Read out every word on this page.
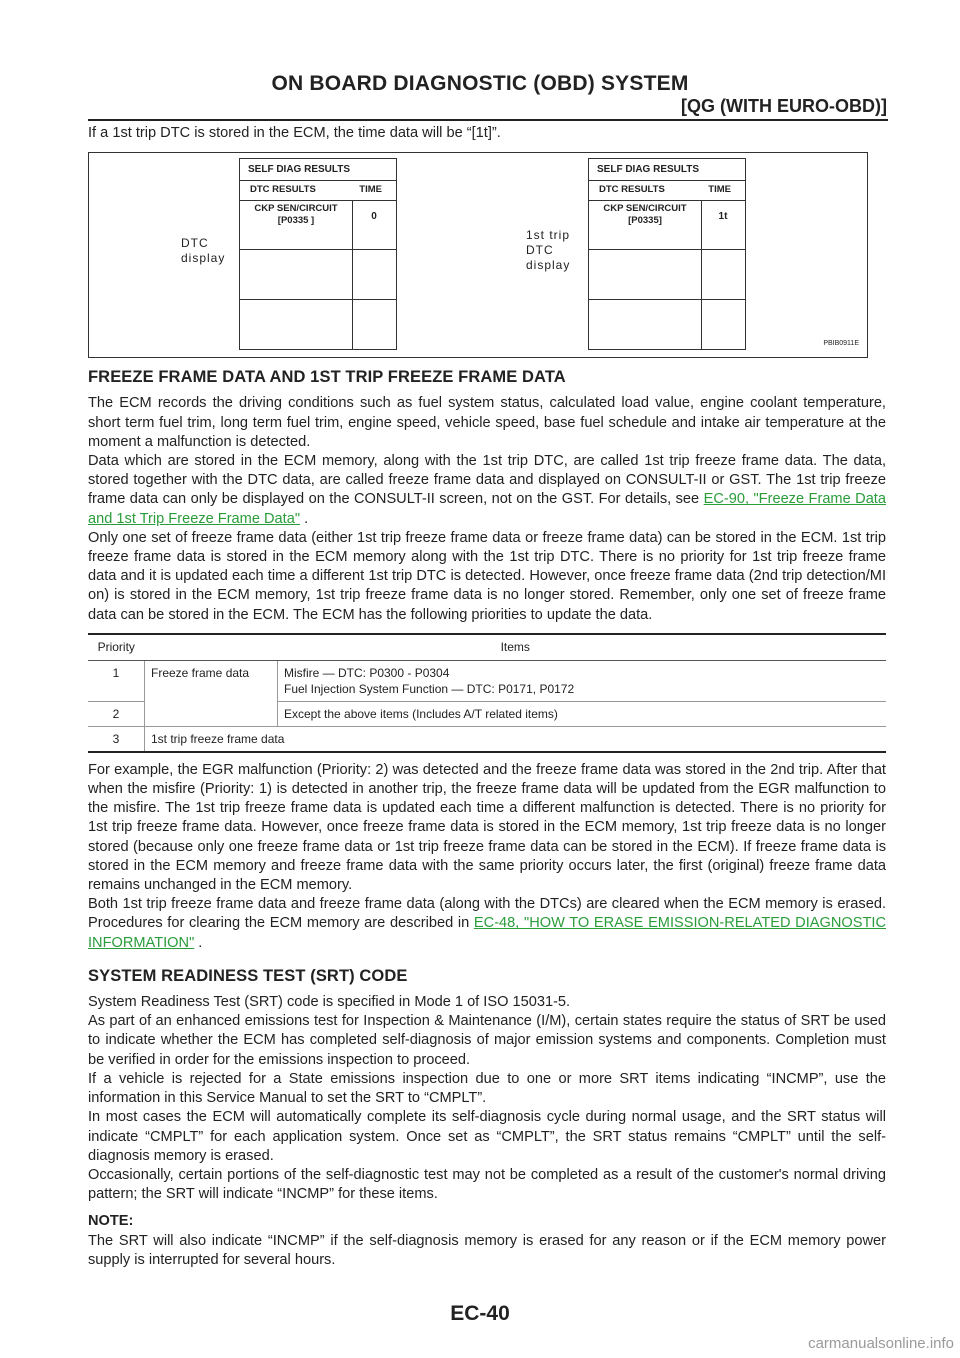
ON BOARD DIAGNOSTIC (OBD) SYSTEM
[QG (WITH EURO-OBD)]

If a 1st trip DTC is stored in the ECM, the time data will be “[1t]”.

DTC
display
SELF DIAG RESULTS
DTC RESULTS	TIME
CKP SEN/CIRCUIT
[P0335 ]	0
1st trip
DTC
display
SELF DIAG RESULTS
DTC RESULTS	TIME
CKP SEN/CIRCUIT
[P0335]	1t
PBIB0911E
FREEZE FRAME DATA AND 1ST TRIP FREEZE FRAME DATA

The ECM records the driving conditions such as fuel system status, calculated load value, engine coolant temperature, short term fuel trim, long term fuel trim, engine speed, vehicle speed, base fuel schedule and intake air temperature at the moment a malfunction is detected.

Data which are stored in the ECM memory, along with the 1st trip DTC, are called 1st trip freeze frame data. The data, stored together with the DTC data, are called freeze frame data and displayed on CONSULT-II or GST. The 1st trip freeze frame data can only be displayed on the CONSULT-II screen, not on the GST. For details, see EC-90, "Freeze Frame Data and 1st Trip Freeze Frame Data" .

Only one set of freeze frame data (either 1st trip freeze frame data or freeze frame data) can be stored in the ECM. 1st trip freeze frame data is stored in the ECM memory along with the 1st trip DTC. There is no priority for 1st trip freeze frame data and it is updated each time a different 1st trip DTC is detected. However, once freeze frame data (2nd trip detection/MI on) is stored in the ECM memory, 1st trip freeze frame data is no longer stored. Remember, only one set of freeze frame data can be stored in the ECM. The ECM has the following priorities to update the data.

Priority	Items	
1	Freeze frame data	Misfire — DTC: P0300 - P0304
Fuel Injection System Function — DTC: P0171, P0172

2		Except the above items (Includes A/T related items)
3	1st trip freeze frame data	

For example, the EGR malfunction (Priority: 2) was detected and the freeze frame data was stored in the 2nd trip. After that when the misfire (Priority: 1) is detected in another trip, the freeze frame data will be updated from the EGR malfunction to the misfire. The 1st trip freeze frame data is updated each time a different malfunction is detected. There is no priority for 1st trip freeze frame data. However, once freeze frame data is stored in the ECM memory, 1st trip freeze data is no longer stored (because only one freeze frame data or 1st trip freeze frame data can be stored in the ECM). If freeze frame data is stored in the ECM memory and freeze frame data with the same priority occurs later, the first (original) freeze frame data remains unchanged in the ECM memory.

Both 1st trip freeze frame data and freeze frame data (along with the DTCs) are cleared when the ECM memory is erased. Procedures for clearing the ECM memory are described in EC-48, "HOW TO ERASE EMISSION-RELATED DIAGNOSTIC INFORMATION" .

SYSTEM READINESS TEST (SRT) CODE

System Readiness Test (SRT) code is specified in Mode 1 of ISO 15031-5.

As part of an enhanced emissions test for Inspection & Maintenance (I/M), certain states require the status of SRT be used to indicate whether the ECM has completed self-diagnosis of major emission systems and components. Completion must be verified in order for the emissions inspection to proceed.

If a vehicle is rejected for a State emissions inspection due to one or more SRT items indicating “INCMP”, use the information in this Service Manual to set the SRT to “CMPLT”.

In most cases the ECM will automatically complete its self-diagnosis cycle during normal usage, and the SRT status will indicate “CMPLT” for each application system. Once set as “CMPLT”, the SRT status remains “CMPLT” until the self-diagnosis memory is erased.

Occasionally, certain portions of the self-diagnostic test may not be completed as a result of the customer's normal driving pattern; the SRT will indicate “INCMP” for these items.

NOTE:

The SRT will also indicate “INCMP” if the self-diagnosis memory is erased for any reason or if the ECM memory power supply is interrupted for several hours.

EC-40
carmanualsonline.info
